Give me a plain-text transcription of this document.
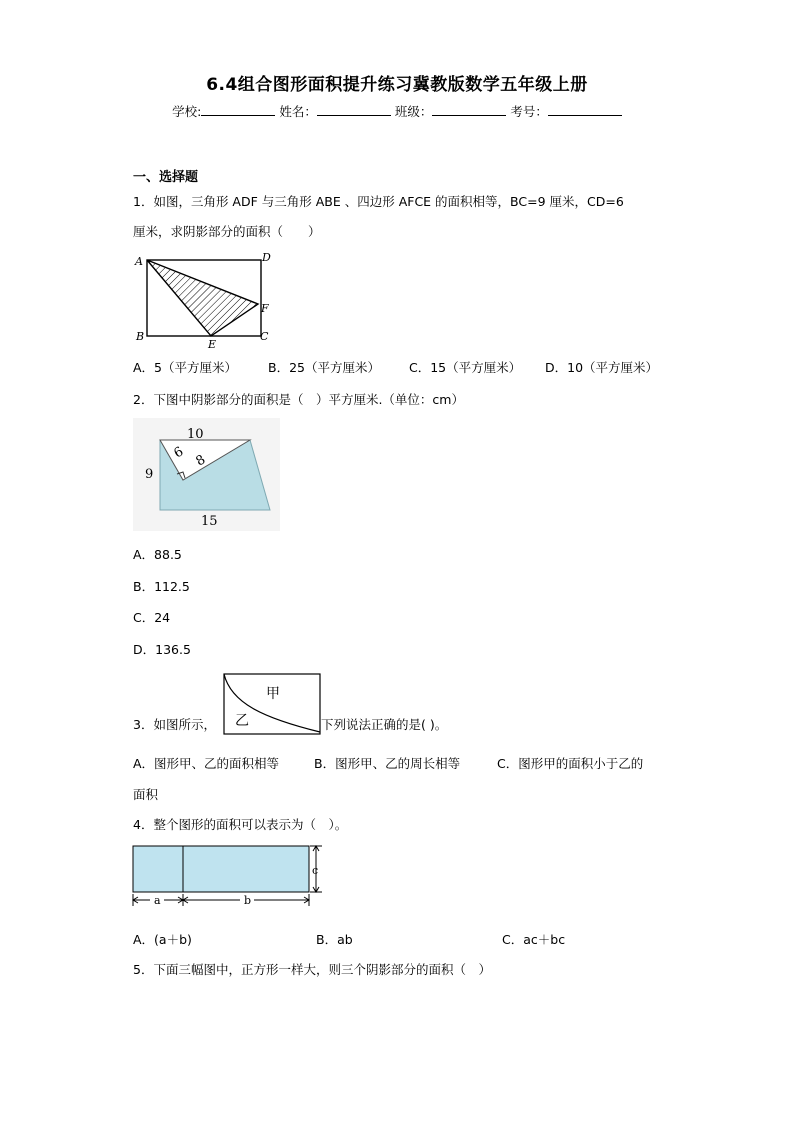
6.4组合图形面积提升练习冀教版数学五年级上册
学校:	姓名：	班级：	考号：
一、选择题
1．如图，三角形 ADF 与三角形 ABE 、四边形 AFCE 的面积相等，BC=9 厘米，CD=6
厘米，求阴影部分的面积（　　）
A	D
B	C
E
F
A．5（平方厘米） B．25（平方厘米） C．15（平方厘米） D．10（平方厘米）
2．下图中阴影部分的面积是（　）平方厘米.（单位：cm）
10
9
15
6 8
A．88.5
B．112.5
C．24
D．136.5
3．如图所示，
甲
乙	下列说法正确的是( )。
A．图形甲、乙的面积相等	B．图形甲、乙的周长相等	C．图形甲的面积小于乙的
面积
4．整个图形的面积可以表示为（　）。
c
a	b
A．(a＋b)	B．ab	C．ac＋bc
5．下面三幅图中，正方形一样大，则三个阴影部分的面积（　）
